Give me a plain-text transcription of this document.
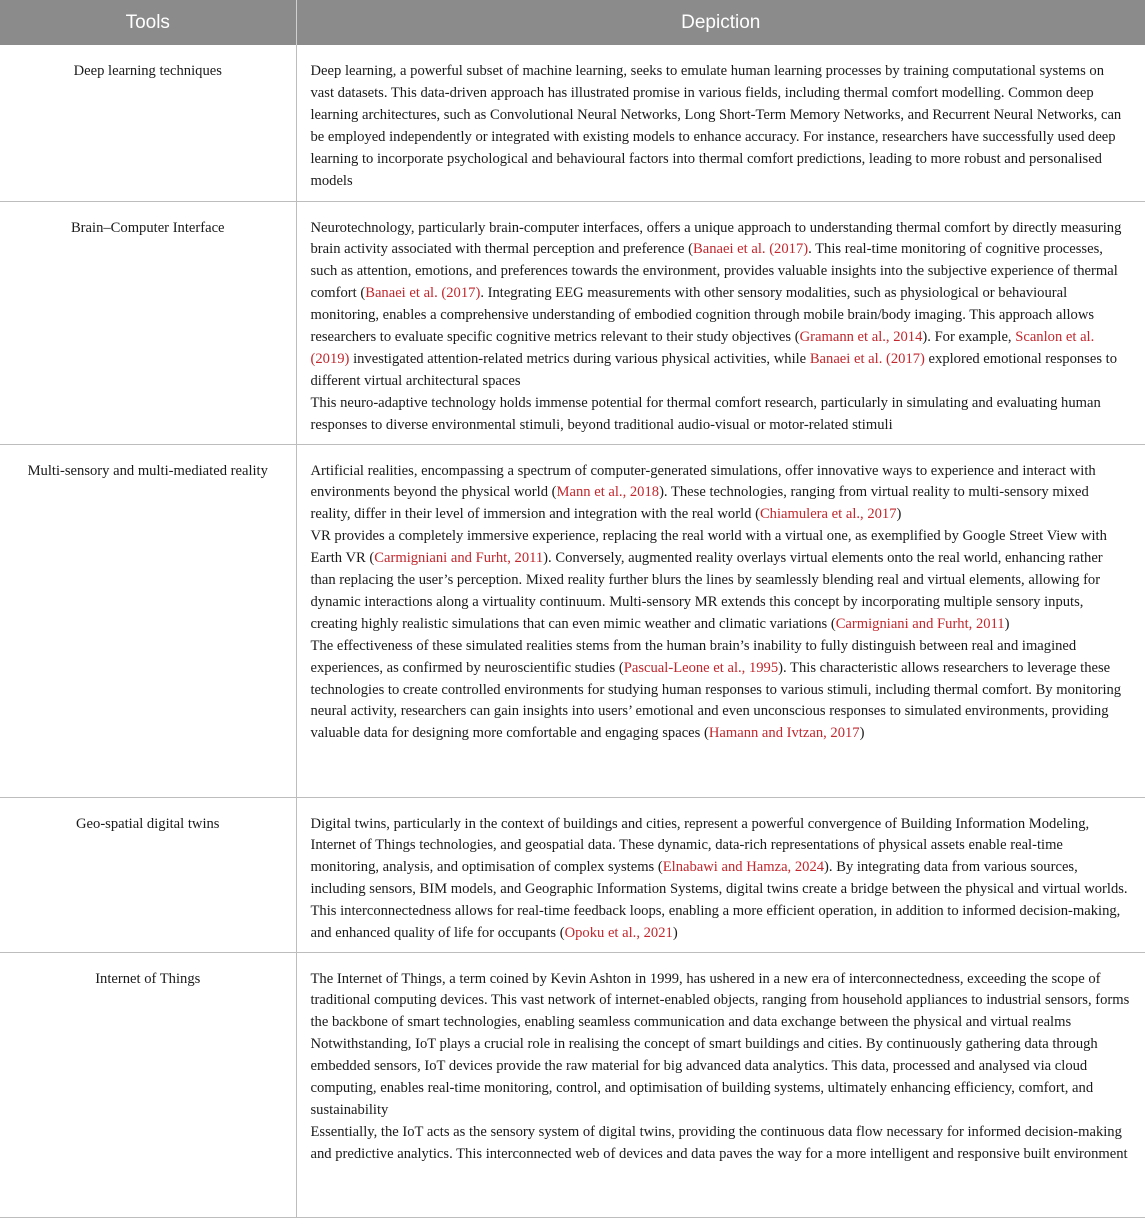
Tools	Depiction
Deep learning techniques	Deep learning, a powerful subset of machine learning, seeks to emulate human learning processes by training computational systems on vast datasets. This data-driven approach has illustrated promise in various fields, including thermal comfort modelling. Common deep learning architectures, such as Convolutional Neural Networks, Long Short-Term Memory Networks, and Recurrent Neural Networks, can be employed independently or integrated with existing models to enhance accuracy. For instance, researchers have successfully used deep learning to incorporate psychological and behavioural factors into thermal comfort predictions, leading to more robust and personalised models

Brain–Computer Interface	Neurotechnology, particularly brain-computer interfaces, offers a unique approach to understanding thermal comfort by directly measuring brain activity associated with thermal perception and preference (Banaei et al. (2017). This real-time monitoring of cognitive processes, such as attention, emotions, and preferences towards the environment, provides valuable insights into the subjective experience of thermal comfort (Banaei et al. (2017). Integrating EEG measurements with other sensory modalities, such as physiological or behavioural monitoring, enables a comprehensive understanding of embodied cognition through mobile brain/body imaging. This approach allows researchers to evaluate specific cognitive metrics relevant to their study objectives (Gramann et al., 2014). For example, Scanlon et al. (2019) investigated attention-related metrics during various physical activities, while Banaei et al. (2017) explored emotional responses to different virtual architectural spaces
This neuro-adaptive technology holds immense potential for thermal comfort research, particularly in simulating and evaluating human responses to diverse environmental stimuli, beyond traditional audio-visual or motor-related stimuli

Multi-sensory and multi-mediated reality	Artificial realities, encompassing a spectrum of computer-generated simulations, offer innovative ways to experience and interact with environments beyond the physical world (Mann et al., 2018). These technologies, ranging from virtual reality to multi-sensory mixed reality, differ in their level of immersion and integration with the real world (Chiamulera et al., 2017)
VR provides a completely immersive experience, replacing the real world with a virtual one, as exemplified by Google Street View with Earth VR (Carmigniani and Furht, 2011). Conversely, augmented reality overlays virtual elements onto the real world, enhancing rather than replacing the user’s perception. Mixed reality further blurs the lines by seamlessly blending real and virtual elements, allowing for dynamic interactions along a virtuality continuum. Multi-sensory MR extends this concept by incorporating multiple sensory inputs, creating highly realistic simulations that can even mimic weather and climatic variations (Carmigniani and Furht, 2011)
The effectiveness of these simulated realities stems from the human brain’s inability to fully distinguish between real and imagined experiences, as confirmed by neuroscientific studies (Pascual-Leone et al., 1995). This characteristic allows researchers to leverage these technologies to create controlled environments for studying human responses to various stimuli, including thermal comfort. By monitoring neural activity, researchers can gain insights into users’ emotional and even unconscious responses to simulated environments, providing valuable data for designing more comfortable and engaging spaces (Hamann and Ivtzan, 2017)

Geo-spatial digital twins	Digital twins, particularly in the context of buildings and cities, represent a powerful convergence of Building Information Modeling, Internet of Things technologies, and geospatial data. These dynamic, data-rich representations of physical assets enable real-time monitoring, analysis, and optimisation of complex systems (Elnabawi and Hamza, 2024). By integrating data from various sources, including sensors, BIM models, and Geographic Information Systems, digital twins create a bridge between the physical and virtual worlds. This interconnectedness allows for real-time feedback loops, enabling a more efficient operation, in addition to informed decision-making, and enhanced quality of life for occupants (Opoku et al., 2021)

Internet of Things	The Internet of Things, a term coined by Kevin Ashton in 1999, has ushered in a new era of interconnectedness, exceeding the scope of traditional computing devices. This vast network of internet-enabled objects, ranging from household appliances to industrial sensors, forms the backbone of smart technologies, enabling seamless communication and data exchange between the physical and virtual realms
Notwithstanding, IoT plays a crucial role in realising the concept of smart buildings and cities. By continuously gathering data through embedded sensors, IoT devices provide the raw material for big advanced data analytics. This data, processed and analysed via cloud computing, enables real-time monitoring, control, and optimisation of building systems, ultimately enhancing efficiency, comfort, and sustainability
Essentially, the IoT acts as the sensory system of digital twins, providing the continuous data flow necessary for informed decision-making and predictive analytics. This interconnected web of devices and data paves the way for a more intelligent and responsive built environment
